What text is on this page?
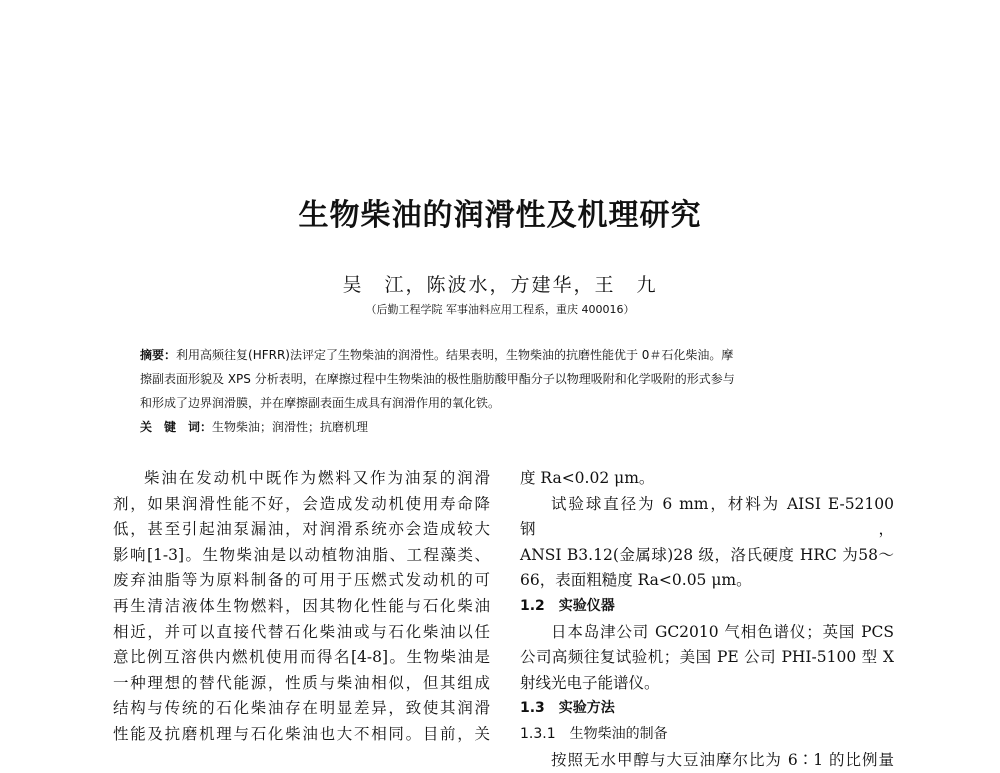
生物柴油的润滑性及机理研究
吴　江，陈波水，方建华，王　九
（后勤工程学院 军事油料应用工程系，重庆 400016）

摘要：利用高频往复(HFRR)法评定了生物柴油的润滑性。结果表明，生物柴油的抗磨性能优于 0＃石化柴油。摩

擦副表面形貌及 XPS 分析表明，在摩擦过程中生物柴油的极性脂肪酸甲酯分子以物理吸附和化学吸附的形式参与

和形成了边界润滑膜，并在摩擦副表面生成具有润滑作用的氧化铁。

关　键　词：生物柴油；润滑性；抗磨机理

柴油在发动机中既作为燃料又作为油泵的润滑

剂，如果润滑性能不好，会造成发动机使用寿命降

低，甚至引起油泵漏油，对润滑系统亦会造成较大

影响[1-3]。生物柴油是以动植物油脂、工程藻类、

废弃油脂等为原料制备的可用于压燃式发动机的可

再生清洁液体生物燃料，因其物化性能与石化柴油

相近，并可以直接代替石化柴油或与石化柴油以任

意比例互溶供内燃机使用而得名[4-8]。生物柴油是

一种理想的替代能源，性质与柴油相似，但其组成

结构与传统的石化柴油存在明显差异，致使其润滑

性能及抗磨机理与石化柴油也大不相同。目前，关

度 Ra<0.02 μm。

试验球直径为 6 mm，材料为 AISI E-52100 钢，

ANSI B3.12(金属球)28 级，洛氏硬度 HRC 为58～

66，表面粗糙度 Ra<0.05 μm。

1.2　实验仪器

日本岛津公司 GC2010 气相色谱仪；英国 PCS

公司高频往复试验机；美国 PE 公司 PHI-5100 型 X

射线光电子能谱仪。

1.3　实验方法

1.3.1　生物柴油的制备

按照无水甲醇与大豆油摩尔比为 6∶1 的比例量
